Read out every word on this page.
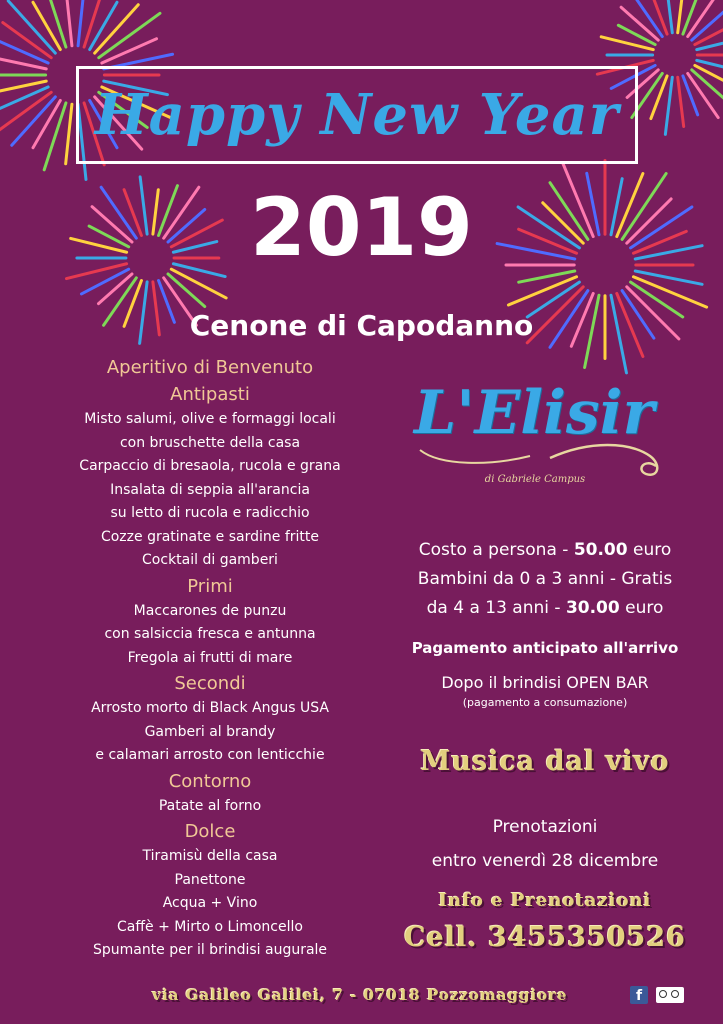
Happy New Year
2019
Cenone di Capodanno
Aperitivo di Benvenuto
Antipasti
Misto salumi, olive e formaggi locali
con bruschette della casa
Carpaccio di bresaola, rucola e grana
Insalata di seppia all'arancia
su letto di rucola e radicchio
Cozze gratinate e sardine fritte
Cocktail di gamberi
Primi
Maccarones de punzu
con salsiccia fresca e antunna
Fregola ai frutti di mare
Secondi
Arrosto morto di Black Angus USA
Gamberi al brandy
e calamari arrosto con lenticchie
Contorno
Patate al forno
Dolce
Tiramisù della casa
Panettone
Acqua + Vino
Caffè + Mirto o Limoncello
Spumante per il brindisi augurale
L'Elisir
di Gabriele Campus
Costo a persona - 50.00 euro
Bambini da 0 a 3 anni - Gratis
da 4 a 13 anni - 30.00 euro
Pagamento anticipato all'arrivo
Dopo il brindisi OPEN BAR
(pagamento a consumazione)
Musica dal vivo
Prenotazioni
entro venerdì 28 dicembre
Info e Prenotazioni
Cell. 3455350526
via Galileo Galilei, 7 - 07018 Pozzomaggiore	f
